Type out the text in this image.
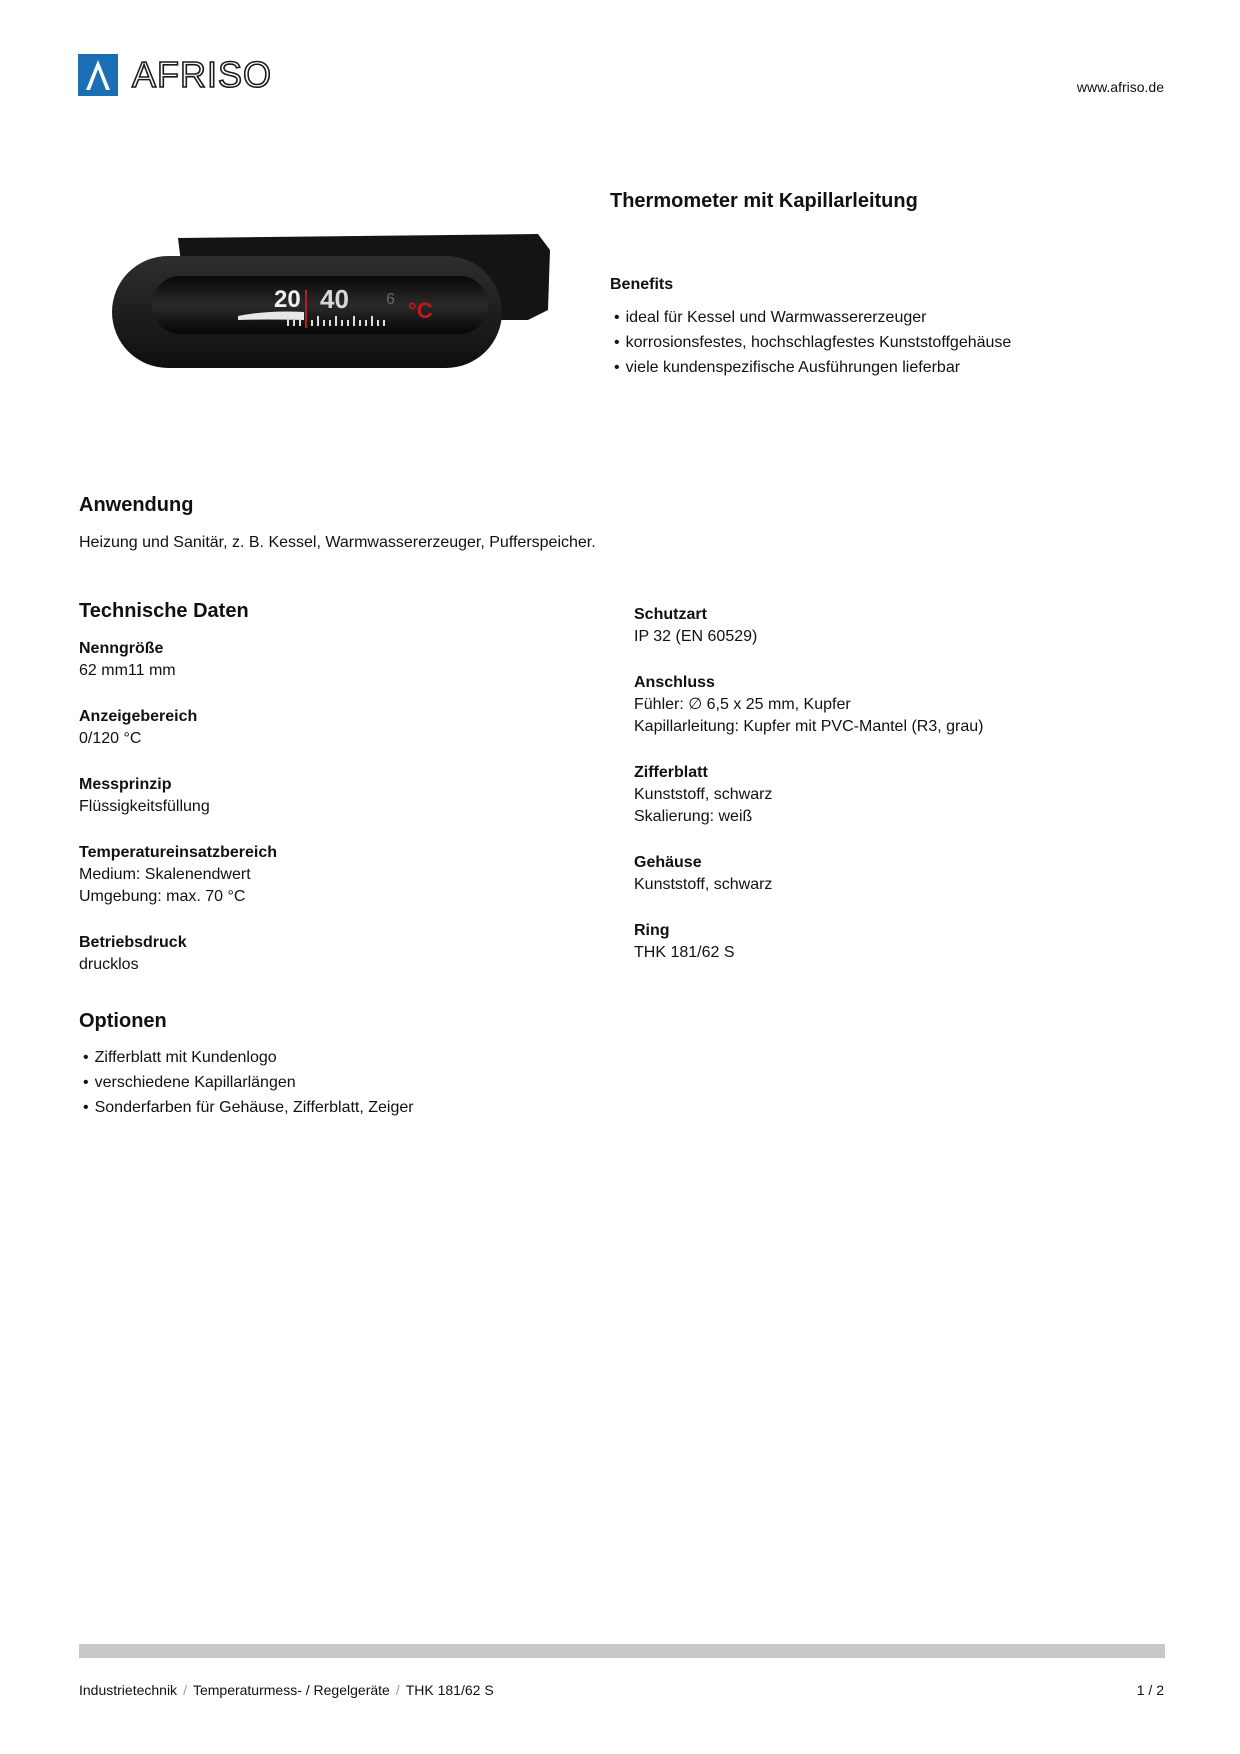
AFRISO	www.afriso.de
20 40 6 °C
Thermometer mit Kapillarleitung
Benefits
• ideal für Kessel und Warmwassererzeuger
• korrosionsfestes, hochschlagfestes Kunststoffgehäuse
• viele kundenspezifische Ausführungen lieferbar
Anwendung
Heizung und Sanitär, z. B. Kessel, Warmwassererzeuger, Pufferspeicher.
Technische Daten
Nenngröße
62 mm11 mm
Anzeigebereich
0/120 °C
Messprinzip
Flüssigkeitsfüllung
Temperatureinsatzbereich
Medium: Skalenendwert
Umgebung: max. 70 °C
Betriebsdruck
drucklos
Schutzart
IP 32 (EN 60529)
Anschluss
Fühler: ∅ 6,5 x 25 mm, Kupfer
Kapillarleitung: Kupfer mit PVC-Mantel (R3, grau)
Zifferblatt
Kunststoff, schwarz
Skalierung: weiß
Gehäuse
Kunststoff, schwarz
Ring
THK 181/62 S
Optionen
• Zifferblatt mit Kundenlogo
• verschiedene Kapillarlängen
• Sonderfarben für Gehäuse, Zifferblatt, Zeiger
Industrietechnik / Temperaturmess- / Regelgeräte / THK 181/62 S	1 / 2
